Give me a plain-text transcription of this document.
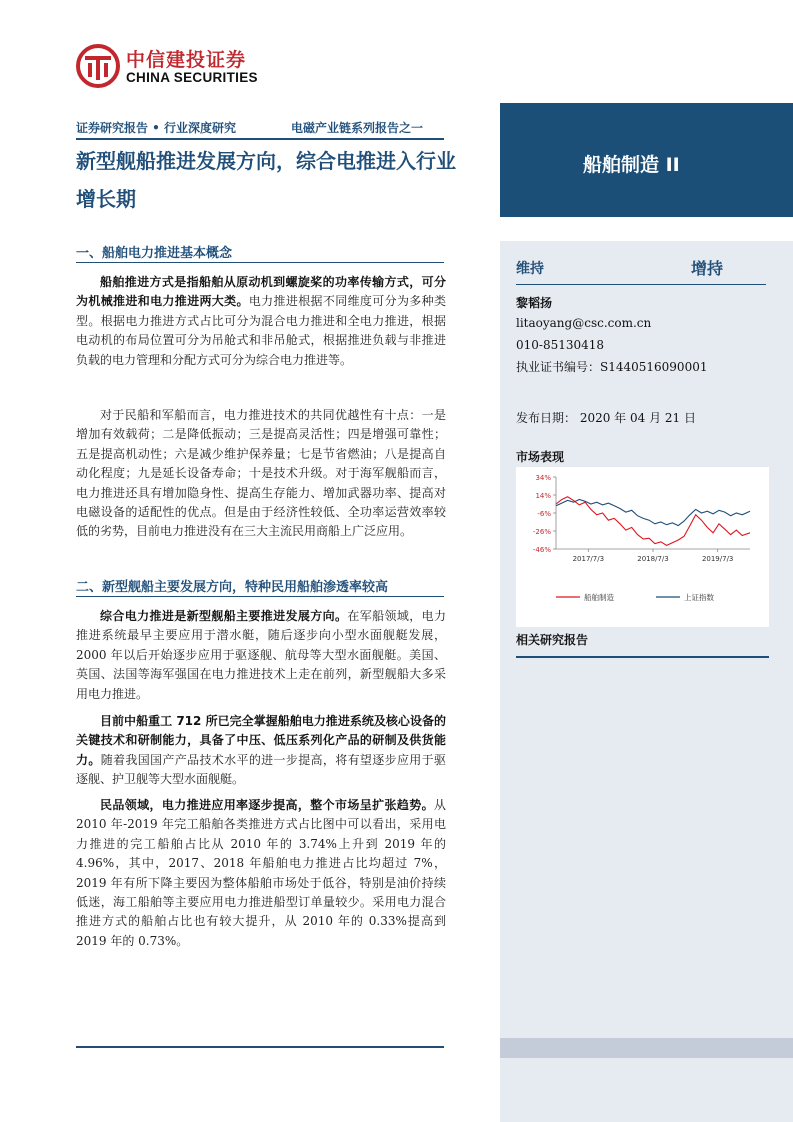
中信建投证券
CHINA SECURITIES
证券研究报告 • 行业深度研究	电磁产业链系列报告之一
新型舰船推进发展方向，综合电推进入行业增长期
船舶制造 II
维持	增持
黎韬扬
litaoyang@csc.com.cn
010-85130418
执业证书编号：S1440516090001
发布日期： 2020 年 04 月 21 日
市场表现
34%
14%
-6%
-26%
-46%
2017/7/3	2018/7/3	2019/7/3
船舶制造	上证指数
相关研究报告
一、船舶电力推进基本概念

船舶推进方式是指船舶从原动机到螺旋桨的功率传输方式，可分为机械推进和电力推进两大类。电力推进根据不同维度可分为多种类型。根据电力推进方式占比可分为混合电力推进和全电力推进，根据电动机的布局位置可分为吊舱式和非吊舱式，根据推进负载与非推进负载的电力管理和分配方式可分为综合电力推进等。

对于民船和军船而言，电力推进技术的共同优越性有十点：一是增加有效载荷；二是降低振动；三是提高灵活性；四是增强可靠性；五是提高机动性；六是减少维护保养量；七是节省燃油；八是提高自动化程度；九是延长设备寿命；十是技术升级。对于海军舰船而言，电力推进还具有增加隐身性、提高生存能力、增加武器功率、提高对电磁设备的适配性的优点。但是由于经济性较低、全功率运营效率较低的劣势，目前电力推进没有在三大主流民用商船上广泛应用。

二、新型舰船主要发展方向，特种民用船舶渗透率较高

综合电力推进是新型舰船主要推进发展方向。在军船领域，电力推进系统最早主要应用于潜水艇，随后逐步向小型水面舰艇发展，2000 年以后开始逐步应用于驱逐舰、航母等大型水面舰艇。美国、英国、法国等海军强国在电力推进技术上走在前列，新型舰船大多采用电力推进。

目前中船重工 712 所已完全掌握船舶电力推进系统及核心设备的关键技术和研制能力，具备了中压、低压系列化产品的研制及供货能力。随着我国国产产品技术水平的进一步提高，将有望逐步应用于驱逐舰、护卫舰等大型水面舰艇。

民品领域，电力推进应用率逐步提高，整个市场呈扩张趋势。从 2010 年-2019 年完工船舶各类推进方式占比图中可以看出，采用电力推进的完工船舶占比从 2010 年的 3.74%上升到 2019 年的 4.96%，其中，2017、2018 年船舶电力推进占比均超过 7%，2019 年有所下降主要因为整体船舶市场处于低谷，特别是油价持续低迷，海工船舶等主要应用电力推进船型订单量较少。采用电力混合推进方式的船舶占比也有较大提升，从 2010 年的 0.33%提高到 2019 年的 0.73%。
